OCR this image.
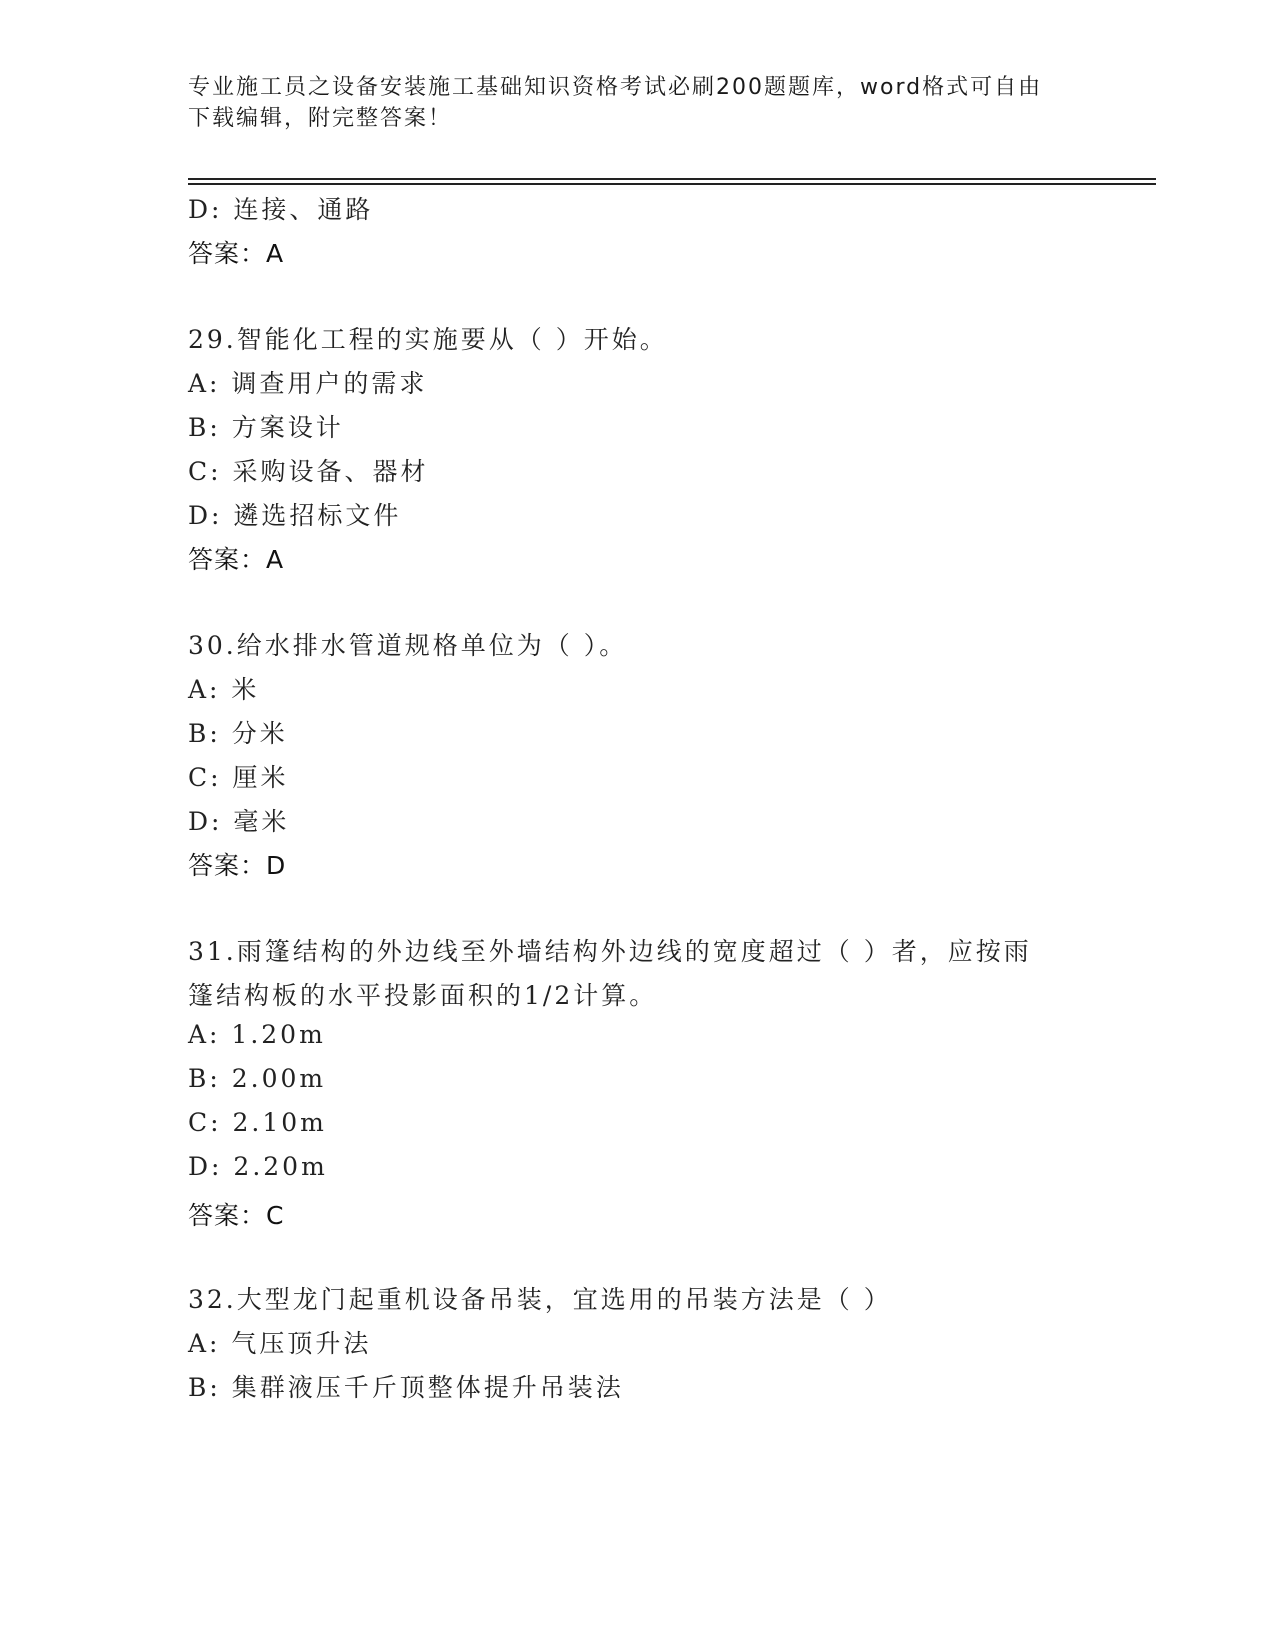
专业施工员之设备安装施工基础知识资格考试必刷200题题库，word格式可自由
下载编辑，附完整答案！
D: 连接、通路
答案：A
29.智能化工程的实施要从（ ）开始。
A: 调查用户的需求
B: 方案设计
C: 采购设备、器材
D: 遴选招标文件
答案：A
30.给水排水管道规格单位为（ ）。
A: 米
B: 分米
C: 厘米
D: 毫米
答案：D
31.雨篷结构的外边线至外墙结构外边线的宽度超过（ ）者，应按雨
篷结构板的水平投影面积的1/2计算。
A: 1.20m
B: 2.00m
C: 2.10m
D: 2.20m
答案：C
32.大型龙门起重机设备吊装，宜选用的吊装方法是（ ）
A: 气压顶升法
B: 集群液压千斤顶整体提升吊装法
